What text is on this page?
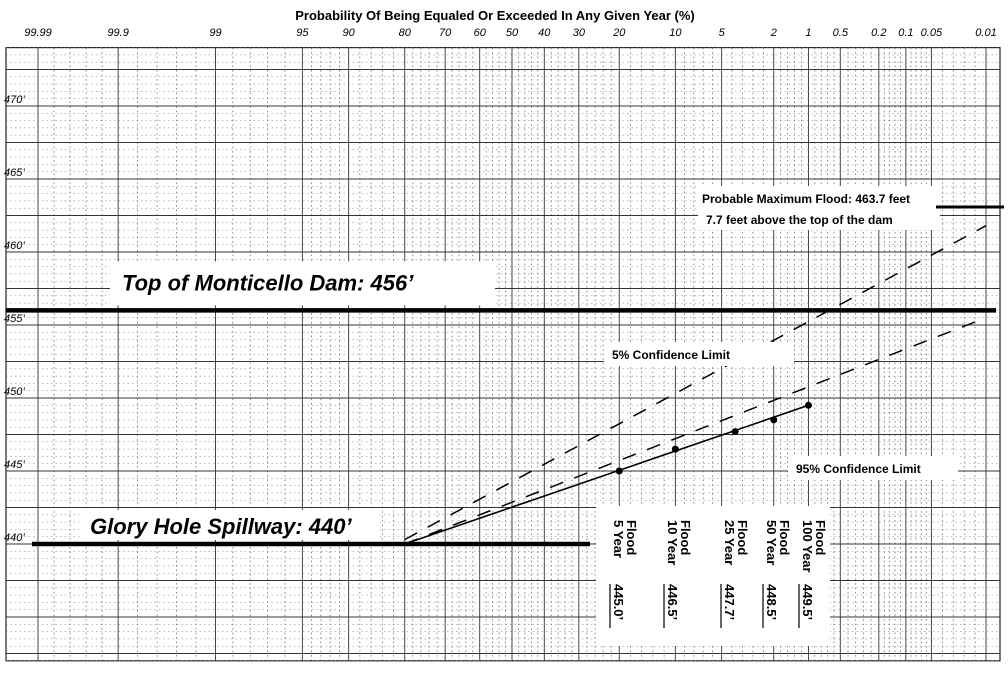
99.99	99.9	99	95	90	80	70 60 50 40 30	20	10	5	2	1 0.5 0.2 0.1 0.05	0.01
440’
445’
450’
455’
460’
465’
470’
Top of Monticello Dam: 456’
Glory Hole Spillway: 440’
Probable Maximum Flood: 463.7 feet
7.7 feet above the top of the dam
5% Confidence Limit
95% Confidence Limit
5 Year
Flood
445.0’
10 Year
Flood
446.5’
25 Year
Flood
447.7’
50 Year
Flood
448.5’
100 Year
Flood
449.5’
Probability Of Being Equaled Or Exceeded In Any Given Year (%)
